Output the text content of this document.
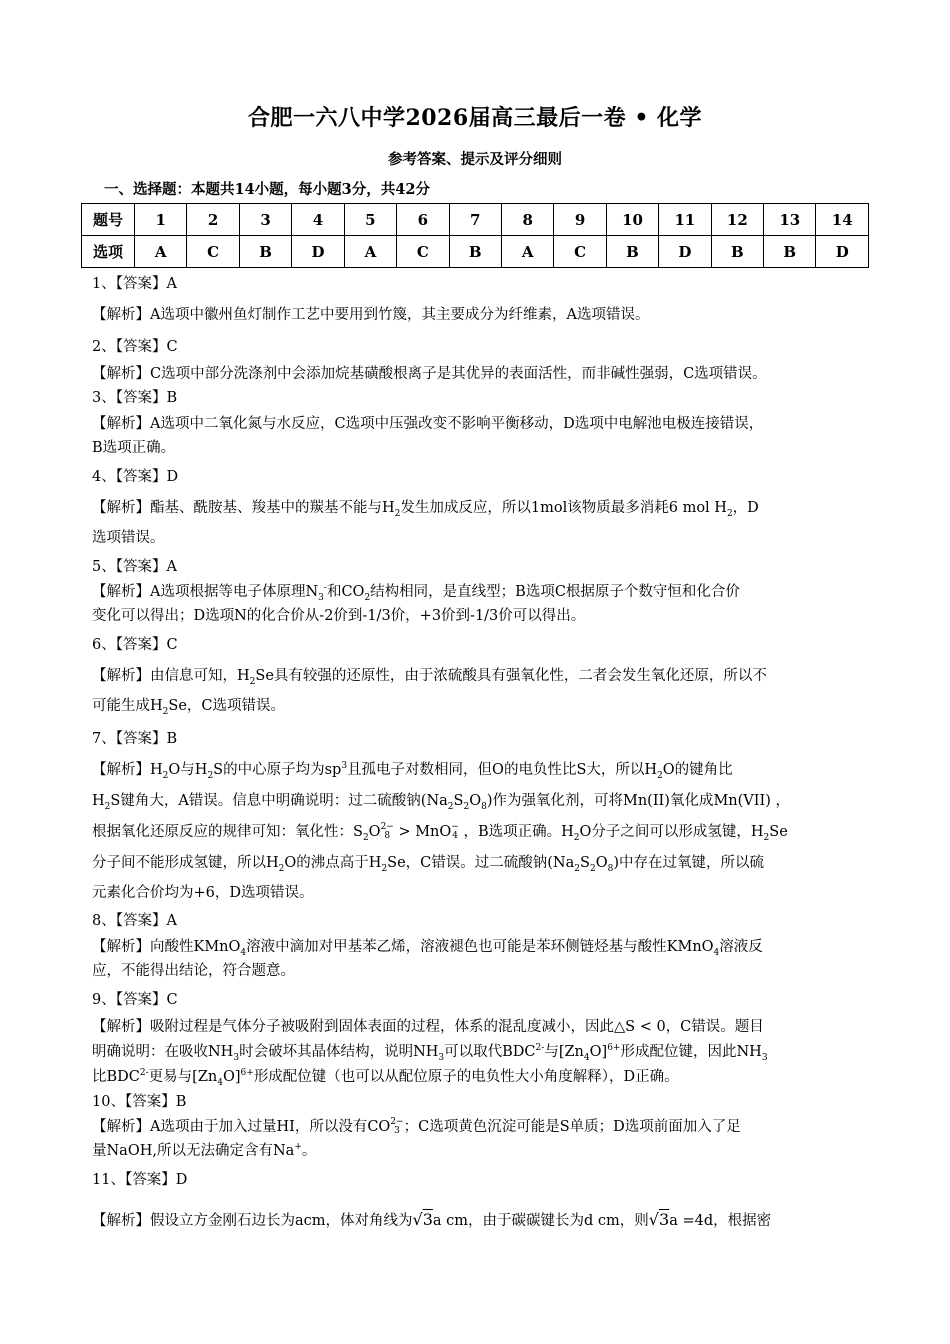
合肥一六八中学2026届高三最后一卷 • 化学
参考答案、提示及评分细则
一、选择题：本题共14小题，每小题3分，共42分
题号	1	2	3	4	5	6	7	8	9	10	11	12	13	14
选项	A	C	B	D	A	C	B	A	C	B	D	B	B	D
1、【答案】A
【解析】A选项中徽州鱼灯制作工艺中要用到竹篾，其主要成分为纤维素，A选项错误。
2、【答案】C
【解析】C选项中部分洗涤剂中会添加烷基磺酸根离子是其优异的表面活性，而非碱性强弱，C选项错误。
3、【答案】B
【解析】A选项中二氧化氮与水反应，C选项中压强改变不影响平衡移动，D选项中电解池电极连接错误，
B选项正确。
4、【答案】D
【解析】酯基、酰胺基、羧基中的羰基不能与$H_2$发生加成反应，所以1mol该物质最多消耗6 mol $H_2$，D
选项错误。
5、【答案】A
【解析】A选项根据等电子体原理$N_3^-$和$CO_2$结构相同，是直线型；B选项C根据原子个数守恒和化合价
变化可以得出；D选项N的化合价从-2价到-1/3价，+3价到-1/3价可以得出。
6、【答案】C
【解析】由信息可知，$H_2Se$具有较强的还原性，由于浓硫酸具有强氧化性，二者会发生氧化还原，所以不
可能生成$H_2Se$，C选项错误。
7、【答案】B
【解析】$H_2O$与$H_2S$的中心原子均为$sp^3$且孤电子对数相同，但O的电负性比S大，所以$H_2O$的键角比
$H_2S$键角大，A错误。信息中明确说明：过二硫酸钠$(Na_2S_2O_8)$作为强氧化剂，可将Mn(II)氧化成Mn(VII) ，
根据氧化还原反应的规律可知：氧化性：$S_2O2-$
8 > MnO−
4 ，B选项正确。$H_2O$分子之间可以形成氢键，$H_2Se$
分子间不能形成氢键，所以$H_2O$的沸点高于$H_2Se$，C错误。过二硫酸钠$(Na_2S_2O_8)$中存在过氧键，所以硫
元素化合价均为+6，D选项错误。
8、【答案】A
【解析】向酸性KMnO$_4$溶液中滴加对甲基苯乙烯，溶液褪色也可能是苯环侧链烃基与酸性KMnO$_4$溶液反
应，不能得出结论，符合题意。
9、【答案】C
【解析】吸附过程是气体分子被吸附到固体表面的过程，体系的混乱度减小，因此△S < 0，C错误。题目
明确说明：在吸收$NH_3$时会破坏其晶体结构，说明$NH_3$可以取代$BDC^{2-}$与$[Zn_4O]^{6+}$形成配位键，因此$NH_3$
比$BDC^{2-}$更易与$[Zn_4O]^{6+}$形成配位键（也可以从配位原子的电负性大小角度解释），D正确。
10、【答案】B
【解析】A选项由于加入过量HI，所以没有CO2−
3 ；C选项黄色沉淀可能是S单质；D选项前面加入了足
量NaOH,所以无法确定含有Na+。
11、【答案】D
【解析】假设立方金刚石边长为acm，体对角线为√3a cm，由于碳碳键长为d cm，则√3a =4d，根据密
